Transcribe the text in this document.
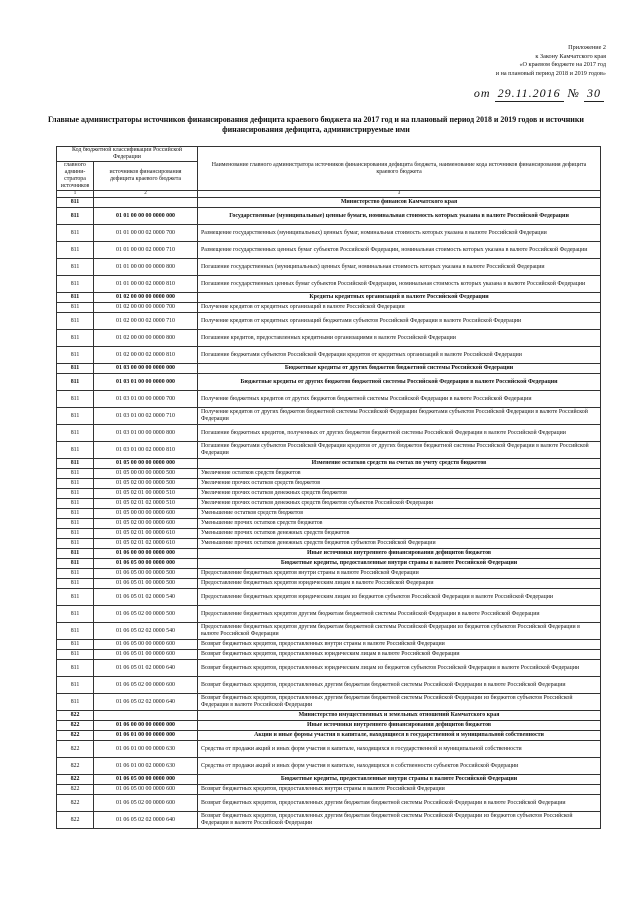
Приложение 2
к Закону Камчатского края
«О краевом бюджете на 2017 год
и на плановый период 2018 и 2019 годов»
от 29.11.2016 № 30
Главные администраторы источников финансирования дефицита краевого бюджета на 2017 год и на плановый период 2018 и 2019 годов и источники финансирования дефицита, администрируемые ими
Код бюджетной классификации Российской Федерации		Наименование главного администратора источников финансирования дефицита бюджета, наименование кода источников финансирования дефицита краевого бюджета
главного админи-стратора источников	источников финансирования дефицита краевого бюджета	
1	2	3
811		Министерство финансов Камчатского края
811	01 01 00 00 00 0000 000	Государственные (муниципальные) ценные бумаги, номинальная стоимость которых указана в валюте Российской Федерации
811	01 01 00 00 02 0000 700	Размещение государственных (муниципальных) ценных бумаг, номинальная стоимость которых указана в валюте Российской Федерации
811	01 01 00 00 02 0000 710	Размещение государственных ценных бумаг субъектов Российской Федерации, номинальная стоимость которых указана в валюте Российской Федерации
811	01 01 00 00 00 0000 800	Погашение государственных (муниципальных) ценных бумаг, номинальная стоимость которых указана в валюте Российской Федерации
811	01 01 00 00 02 0000 810	Погашение государственных ценных бумаг субъектов Российской Федерации, номинальная стоимость которых указана в валюте Российской Федерации
811	01 02 00 00 00 0000 000	Кредиты кредитных организаций в валюте Российской Федерации
811	01 02 00 00 00 0000 700	Получение кредитов от кредитных организаций в валюте Российской Федерации
811	01 02 00 00 02 0000 710	Получение кредитов от кредитных организаций бюджетами субъектов Российской Федерации в валюте Российской Федерации
811	01 02 00 00 00 0000 800	Погашение кредитов, предоставленных кредитными организациями в валюте Российской Федерации
811	01 02 00 00 02 0000 810	Погашение бюджетами субъектов Российской Федерации кредитов от кредитных организаций в валюте Российской Федерации
811	01 03 00 00 00 0000 000	Бюджетные кредиты от других бюджетов бюджетной системы Российской Федерации
811	01 03 01 00 00 0000 000	Бюджетные кредиты от других бюджетов бюджетной системы Российской Федерации в валюте Российской Федерации
811	01 03 01 00 00 0000 700	Получение бюджетных кредитов от других бюджетов бюджетной системы Российской Федерации в валюте Российской Федерации
811	01 03 01 00 02 0000 710	Получение кредитов от других бюджетов бюджетной системы Российской Федерации бюджетами субъектов Российской Федерации в валюте Российской Федерации
811	01 03 01 00 00 0000 800	Погашение бюджетных кредитов, полученных от других бюджетов бюджетной системы Российской Федерации в валюте Российской Федерации
811	01 03 01 00 02 0000 810	Погашение бюджетами субъектов Российской Федерации кредитов от других бюджетов бюджетной системы Российской Федерации в валюте Российской Федерации
811	01 05 00 00 00 0000 000	Изменение остатков средств на счетах по учету средств бюджетов
811	01 05 00 00 00 0000 500	Увеличение остатков средств бюджетов
811	01 05 02 00 00 0000 500	Увеличение прочих остатков средств бюджетов
811	01 05 02 01 00 0000 510	Увеличение прочих остатков денежных средств бюджетов
811	01 05 02 01 02 0000 510	Увеличение прочих остатков денежных средств бюджетов субъектов Российской Федерации
811	01 05 00 00 00 0000 600	Уменьшение остатков средств бюджетов
811	01 05 02 00 00 0000 600	Уменьшение прочих остатков средств бюджетов
811	01 05 02 01 00 0000 610	Уменьшение прочих остатков денежных средств бюджетов
811	01 05 02 01 02 0000 610	Уменьшение прочих остатков денежных средств бюджетов субъектов Российской Федерации
811	01 06 00 00 00 0000 000	Иные источники внутреннего финансирования дефицитов бюджетов
811	01 06 05 00 00 0000 000	Бюджетные кредиты, предоставленные внутри страны в валюте Российской Федерации
811	01 06 05 00 00 0000 500	Предоставление бюджетных кредитов внутри страны в валюте Российской Федерации
811	01 06 05 01 00 0000 500	Предоставление бюджетных кредитов юридическим лицам в валюте Российской Федерации
811	01 06 05 01 02 0000 540	Предоставление бюджетных кредитов юридическим лицам из бюджетов субъектов Российской Федерации в валюте Российской Федерации
811	01 06 05 02 00 0000 500	Предоставление бюджетных кредитов другим бюджетам бюджетной системы Российской Федерации в валюте Российской Федерации
811	01 06 05 02 02 0000 540	Предоставление бюджетных кредитов другим бюджетам бюджетной системы Российской Федерации из бюджетов субъектов Российской Федерации в валюте Российской Федерации
811	01 06 05 00 00 0000 600	Возврат бюджетных кредитов, предоставленных внутри страны в валюте Российской Федерации
811	01 06 05 01 00 0000 600	Возврат бюджетных кредитов, предоставленных юридическим лицам в валюте Российской Федерации
811	01 06 05 01 02 0000 640	Возврат бюджетных кредитов, предоставленных юридическим лицам из бюджетов субъектов Российской Федерации в валюте Российской Федерации
811	01 06 05 02 00 0000 600	Возврат бюджетных кредитов, предоставленных другим бюджетам бюджетной системы Российской Федерации в валюте Российской Федерации
811	01 06 05 02 02 0000 640	Возврат бюджетных кредитов, предоставленных другим бюджетам бюджетной системы Российской Федерации из бюджетов субъектов Российской Федерации в валюте Российской Федерации
822		Министерство имущественных и земельных отношений Камчатского края
822	01 06 00 00 00 0000 000	Иные источники внутреннего финансирования дефицитов бюджетов
822	01 06 01 00 00 0000 000	Акции и иные формы участия в капитале, находящиеся в государственной и муниципальной собственности
822	01 06 01 00 00 0000 630	Средства от продажи акций и иных форм участия в капитале, находящихся в государственной и муниципальной собственности
822	01 06 01 00 02 0000 630	Средства от продажи акций и иных форм участия в капитале, находящихся в собственности субъектов Российской Федерации
822	01 06 05 00 00 0000 000	Бюджетные кредиты, предоставленные внутри страны в валюте Российской Федерации
822	01 06 05 00 00 0000 600	Возврат бюджетных кредитов, предоставленных внутри страны в валюте Российской Федерации
822	01 06 05 02 00 0000 600	Возврат бюджетных кредитов, предоставленных другим бюджетам бюджетной системы Российской Федерации в валюте Российской Федерации
822	01 06 05 02 02 0000 640	Возврат бюджетных кредитов, предоставленных другим бюджетам бюджетной системы Российской Федерации из бюджетов субъектов Российской Федерации в валюте Российской Федерации
